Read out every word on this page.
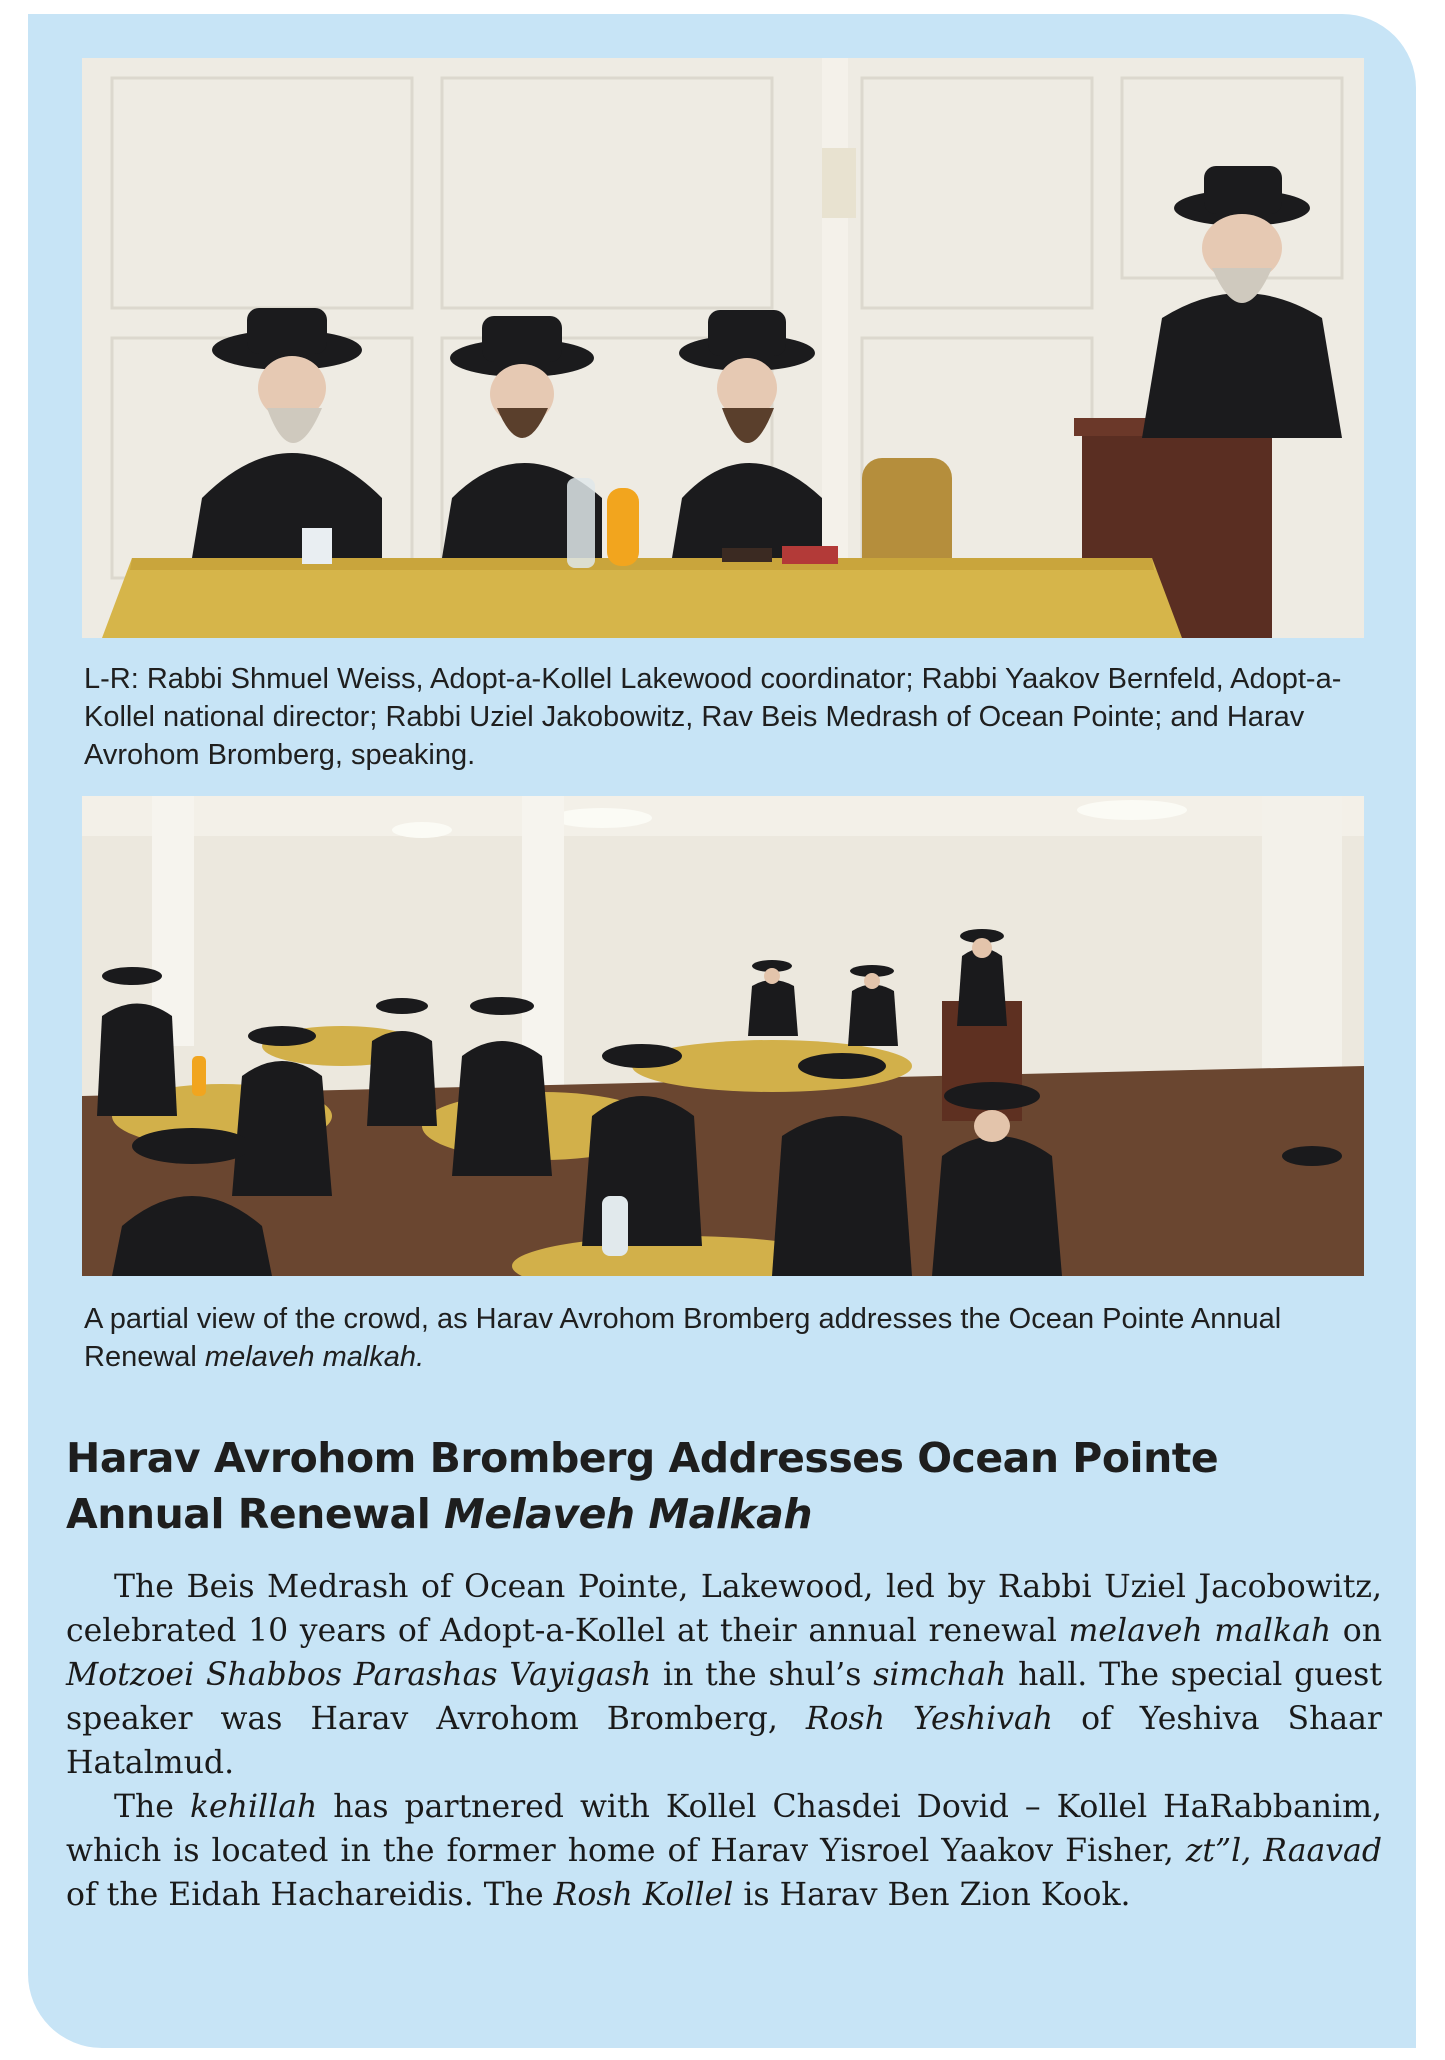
L-R: Rabbi Shmuel Weiss, Adopt-a-Kollel Lakewood coordinator; Rabbi Yaakov Bernfeld, Adopt-a-Kollel national director; Rabbi Uziel Jakobowitz, Rav Beis Medrash of Ocean Pointe; and Harav Avrohom Bromberg, speaking.
A partial view of the crowd, as Harav Avrohom Bromberg addresses the Ocean Pointe Annual Renewal melaveh malkah.
Harav Avrohom Bromberg Addresses Ocean Pointe Annual Renewal Melaveh Malkah

The Beis Medrash of Ocean Pointe, Lakewood, led by Rabbi Uziel Jacobowitz, celebrated 10 years of Adopt-a-Kollel at their annual renewal melaveh malkah on Motzoei Shabbos Parashas Vayigash in the shul’s simchah hall. The special guest speaker was Harav Avrohom Bromberg, Rosh Yeshivah of Yeshiva Shaar Hatalmud.

The kehillah has partnered with Kollel Chasdei Dovid – Kollel HaRabbanim, which is located in the former home of Harav Yisroel Yaakov Fisher, zt”l, Raavad of the Eidah Hachareidis. The Rosh Kollel is Harav Ben Zion Kook.
